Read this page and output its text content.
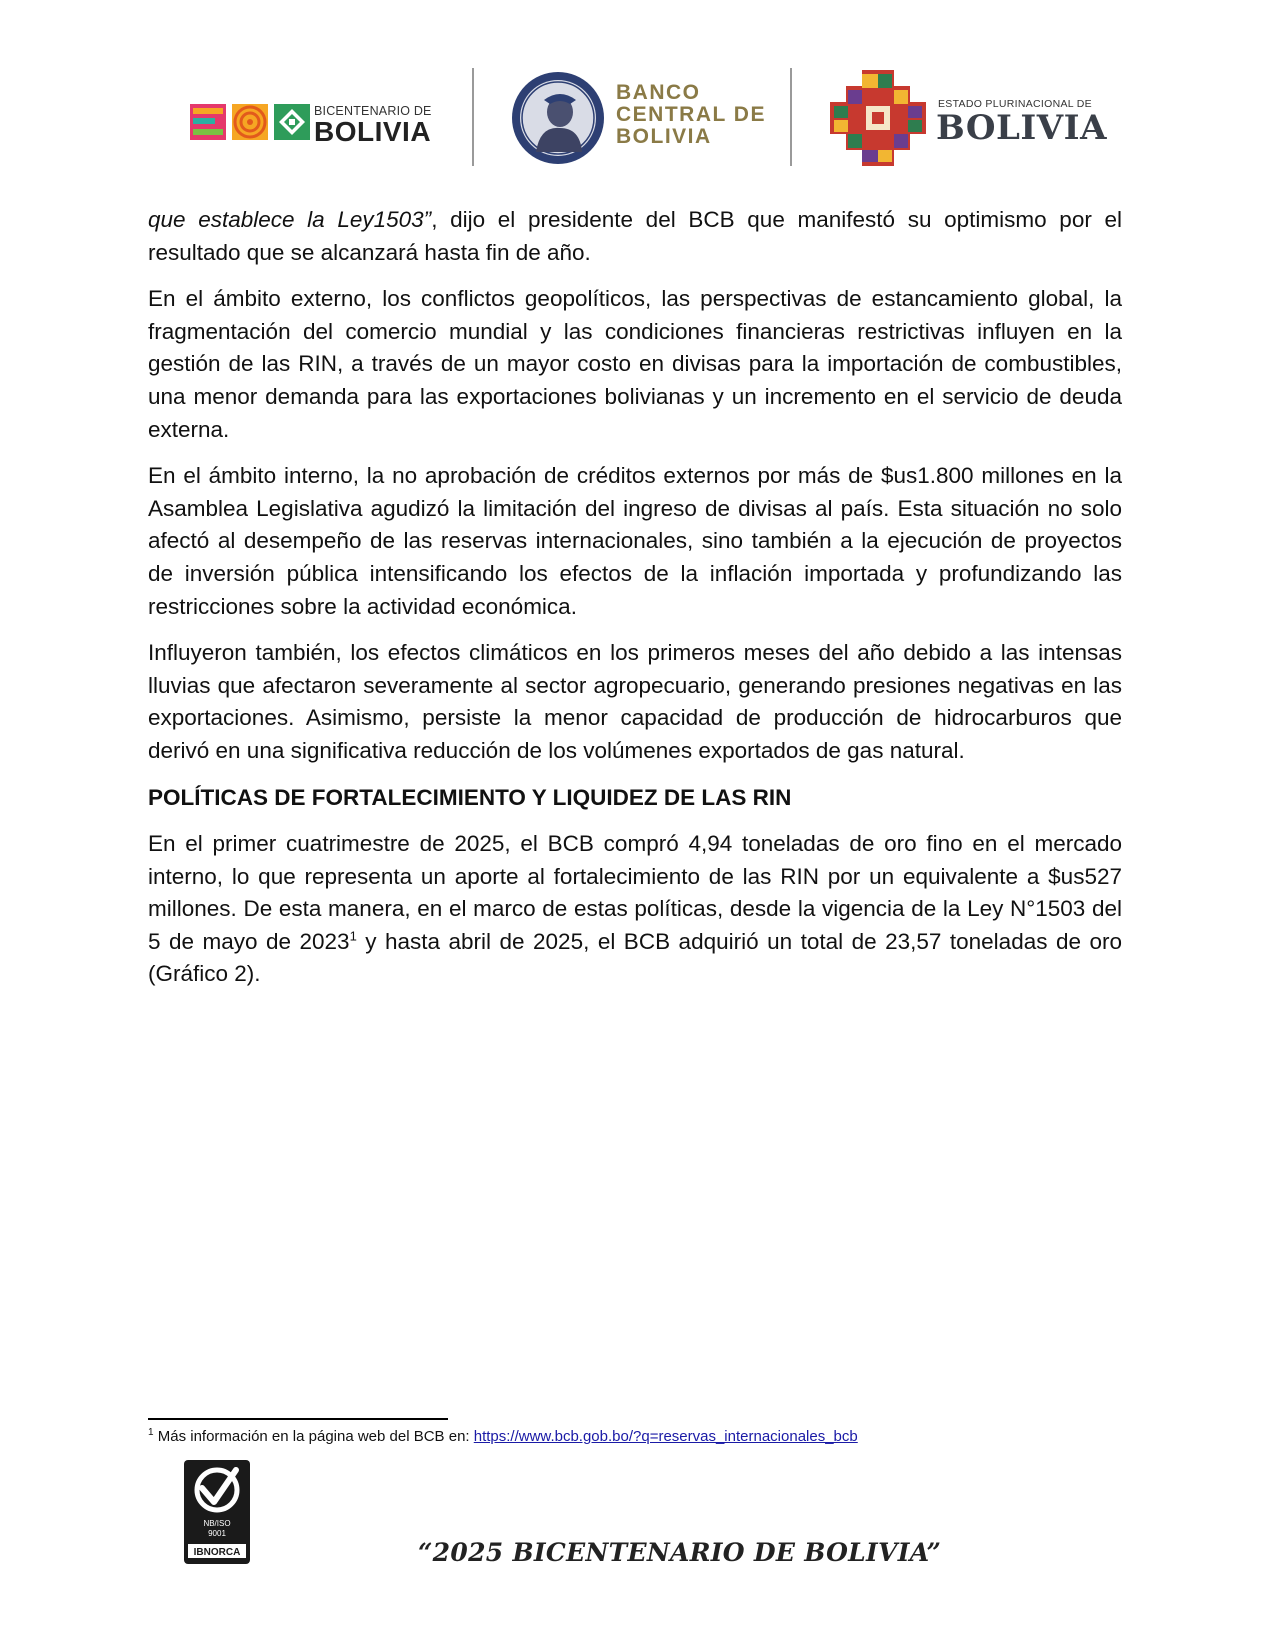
BICENTENARIO DE
BOLIVIA
BANCO
CENTRAL DE
BOLIVIA
ESTADO PLURINACIONAL DE
BOLIVIA

que establece la Ley1503”, dijo el presidente del BCB que manifestó su optimismo por el resultado que se alcanzará hasta fin de año.

En el ámbito externo, los conflictos geopolíticos, las perspectivas de estancamiento global, la fragmentación del comercio mundial y las condiciones financieras restrictivas influyen en la gestión de las RIN, a través de un mayor costo en divisas para la importación de combustibles, una menor demanda para las exportaciones bolivianas y un incremento en el servicio de deuda externa.

En el ámbito interno, la no aprobación de créditos externos por más de $us1.800 millones en la Asamblea Legislativa agudizó la limitación del ingreso de divisas al país. Esta situación no solo afectó al desempeño de las reservas internacionales, sino también a la ejecución de proyectos de inversión pública intensificando los efectos de la inflación importada y profundizando las restricciones sobre la actividad económica.

Influyeron también, los efectos climáticos en los primeros meses del año debido a las intensas lluvias que afectaron severamente al sector agropecuario, generando presiones negativas en las exportaciones. Asimismo, persiste la menor capacidad de producción de hidrocarburos que derivó en una significativa reducción de los volúmenes exportados de gas natural.

POLÍTICAS DE FORTALECIMIENTO Y LIQUIDEZ DE LAS RIN

En el primer cuatrimestre de 2025, el BCB compró 4,94 toneladas de oro fino en el mercado interno, lo que representa un aporte al fortalecimiento de las RIN por un equivalente a $us527 millones. De esta manera, en el marco de estas políticas, desde la vigencia de la Ley N°1503 del 5 de mayo de 2023$^1$ y hasta abril de 2025, el BCB adquirió un total de 23,57 toneladas de oro (Gráfico 2).

$^1$ Más información en la página web del BCB en: https://www.bcb.gob.bo/?q=reservas_internacionales_bcb
NB/ISO
9001
IBNORCA	“2025 BICENTENARIO DE BOLIVIA”
